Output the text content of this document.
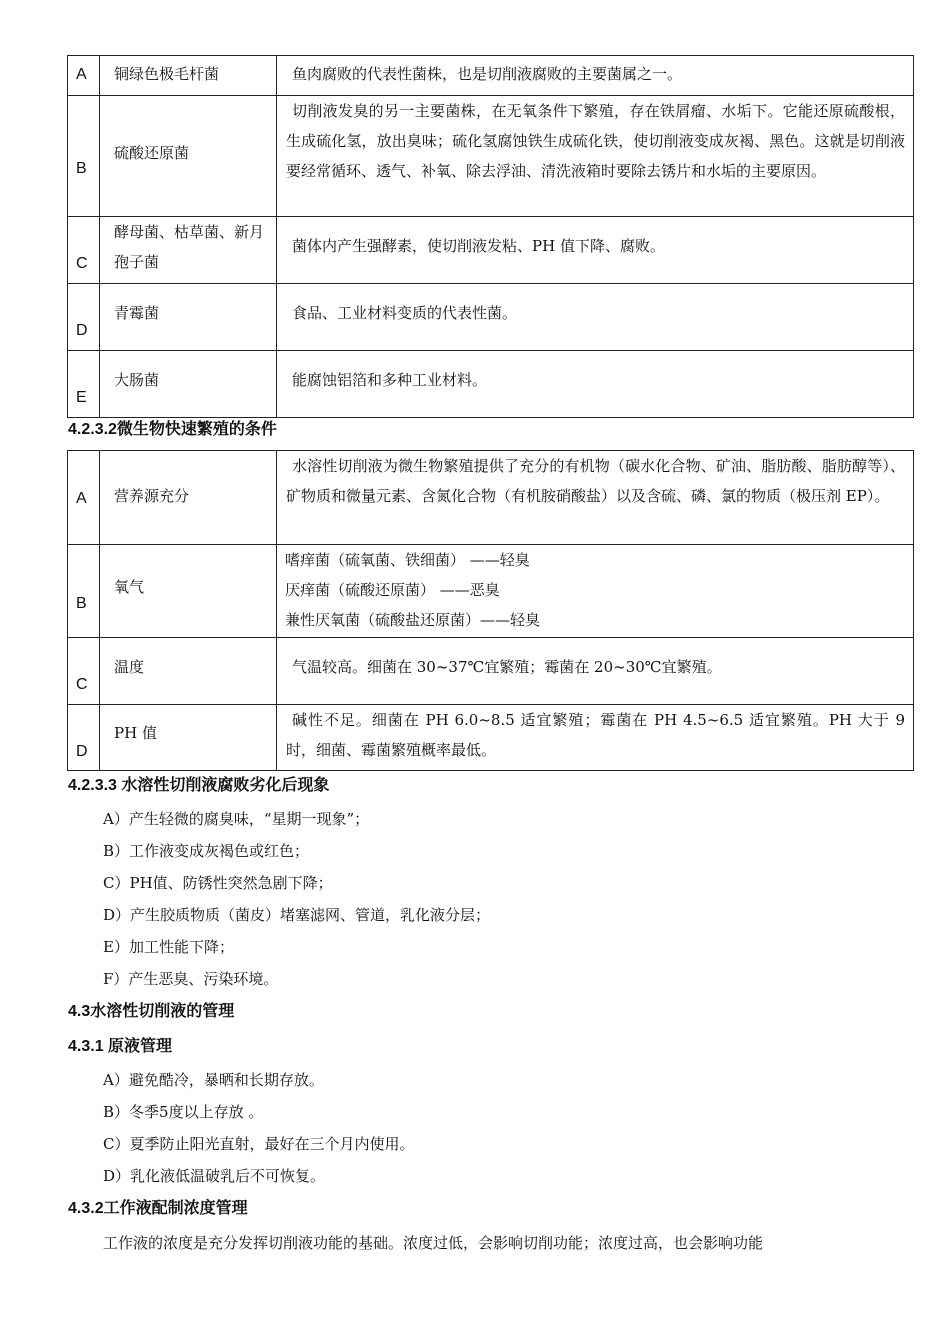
A	铜绿色极毛杆菌	鱼肉腐败的代表性菌株，也是切削液腐败的主要菌属之一。

B	硫酸还原菌	切削液发臭的另一主要菌株，在无氧条件下繁殖，存在铁屑瘤、水垢下。它能还原硫酸根，生成硫化氢，放出臭味；硫化氢腐蚀铁生成硫化铁，使切削液变成灰褐、黑色。这就是切削液要经常循环、透气、补氧、除去浮油、清洗液箱时要除去锈片和水垢的主要原因。

C	酵母菌、枯草菌、新月孢子菌	菌体内产生强酵素，使切削液发粘、PH 值下降、腐败。

D	青霉菌	食品、工业材料变质的代表性菌。

E	大肠菌	能腐蚀铝箔和多种工业材料。
4.2.3.2微生物快速繁殖的条件
A	营养源充分	水溶性切削液为微生物繁殖提供了充分的有机物（碳水化合物、矿油、脂肪酸、脂肪醇等）、矿物质和微量元素、含氮化合物（有机胺硝酸盐）以及含硫、磷、氯的物质（极压剂 EP）。

B	氧气	嗜痒菌（硫氧菌、铁细菌） ——轻臭
厌痒菌（硫酸还原菌） ——恶臭
兼性厌氧菌（硫酸盐还原菌）——轻臭

C	温度	气温较高。细菌在 30~37℃宜繁殖；霉菌在 20~30℃宜繁殖。

D	PH 值	碱性不足。细菌在 PH 6.0~8.5 适宜繁殖；霉菌在 PH 4.5~6.5 适宜繁殖。PH 大于 9 时，细菌、霉菌繁殖概率最低。
4.2.3.3 水溶性切削液腐败劣化后现象
A）产生轻微的腐臭味，“星期一现象”；
B）工作液变成灰褐色或红色；
C）PH值、防锈性突然急剧下降；
D）产生胶质物质（菌皮）堵塞滤网、管道，乳化液分层；
E）加工性能下降；
F）产生恶臭、污染环境。
4.3水溶性切削液的管理
4.3.1 原液管理
A）避免酷冷，暴晒和长期存放。
B）冬季5度以上存放 。
C）夏季防止阳光直射，最好在三个月内使用。
D）乳化液低温破乳后不可恢复。
4.3.2工作液配制浓度管理
工作液的浓度是充分发挥切削液功能的基础。浓度过低，会影响切削功能；浓度过高，也会影响功能
